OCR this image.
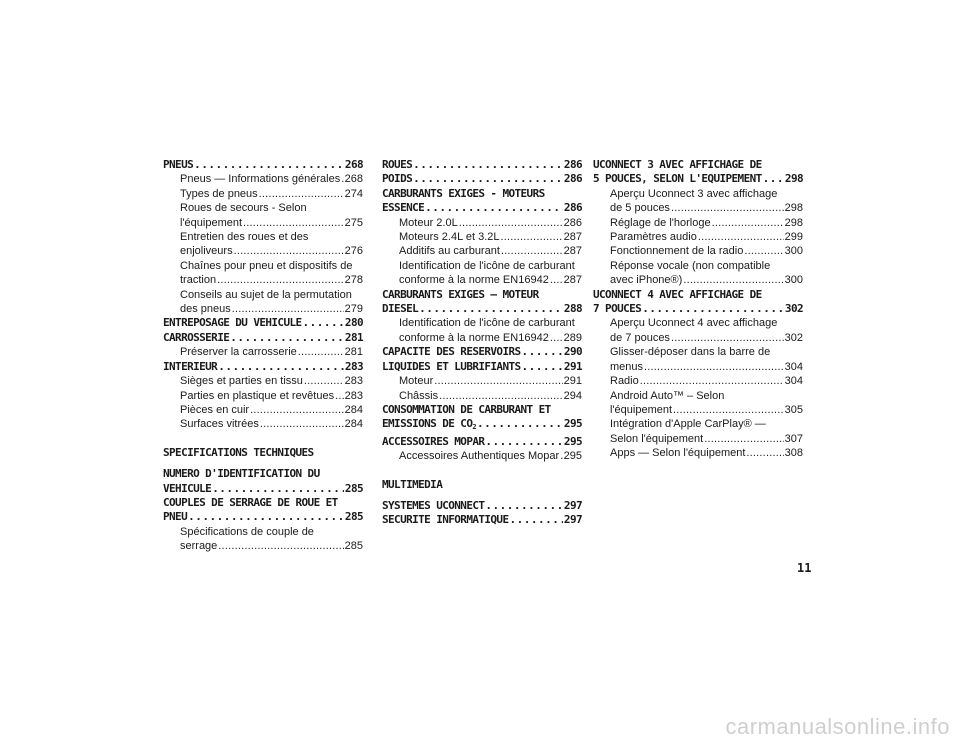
PNEUS .....	268
Pneus — Informations générales ..... 268
Types de pneus .....	274
Roues de secours - Selon
l'équipement .....	275
Entretien des roues et des
enjoliveurs .....	276
Chaînes pour pneu et dispositifs de
traction .....	278
Conseils au sujet de la permutation
des pneus .....	279
ENTREPOSAGE DU VEHICULE .....	280
CARROSSERIE .....	281
Préserver la carrosserie .....	281
INTERIEUR .....	283
Sièges et parties en tissu .....	283
Parties en plastique et revêtues ..... 283
Pièces en cuir .....	284
Surfaces vitrées .....	284
SPECIFICATIONS TECHNIQUES
NUMERO D'IDENTIFICATION DU
VEHICULE .....	285
COUPLES DE SERRAGE DE ROUE ET
PNEU .....	285
Spécifications de couple de
serrage .....	285
ROUES .....	286
POIDS .....	286
CARBURANTS EXIGES - MOTEURS
ESSENCE .....	286
Moteur 2.0L .....	286
Moteurs 2.4L et 3.2L .....	287
Additifs au carburant .....	287
Identification de l'icône de carburant
conforme à la norme EN16942 ..... 287
CARBURANTS EXIGES — MOTEUR
DIESEL .....	288
Identification de l'icône de carburant
conforme à la norme EN16942 ..... 289
CAPACITE DES RESERVOIRS .....	290
LIQUIDES ET LUBRIFIANTS .....	291
Moteur .....	291
Châssis .....	294
CONSOMMATION DE CARBURANT ET
EMISSIONS DE $CO_2$ .....	295
ACCESSOIRES MOPAR .....	295
Accessoires Authentiques Mopar ..... 295
MULTIMEDIA
SYSTEMES UCONNECT .....	297
SECURITE INFORMATIQUE .....	297
UCONNECT 3 AVEC AFFICHAGE DE
5 POUCES, SELON L'EQUIPEMENT ..... 298
Aperçu Uconnect 3 avec affichage
de 5 pouces .....	298
Réglage de l'horloge .....	298
Paramètres audio .....	299
Fonctionnement de la radio .....	300
Réponse vocale (non compatible
avec iPhone®) .....	300
UCONNECT 4 AVEC AFFICHAGE DE
7 POUCES .....	302
Aperçu Uconnect 4 avec affichage
de 7 pouces .....	302
Glisser-déposer dans la barre de
menus .....	304
Radio .....	304
Android Auto™ – Selon
l'équipement .....	305
Intégration d'Apple CarPlay® —
Selon l'équipement .....	307
Apps — Selon l'équipement .....	308
11
carmanualsonline.info
